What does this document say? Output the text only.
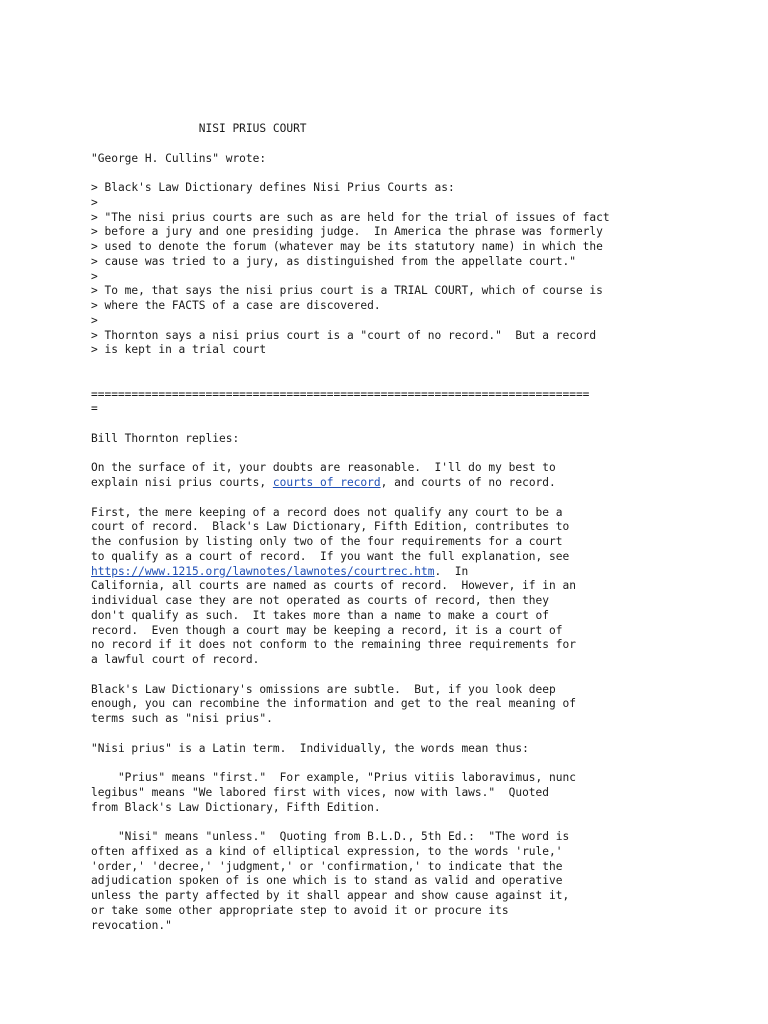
NISI PRIUS COURT
"George H. Cullins" wrote:
> Black's Law Dictionary defines Nisi Prius Courts as:
>
> "The nisi prius courts are such as are held for the trial of issues of fact
> before a jury and one presiding judge.  In America the phrase was formerly
> used to denote the forum (whatever may be its statutory name) in which the
> cause was tried to a jury, as distinguished from the appellate court."
>
> To me, that says the nisi prius court is a TRIAL COURT, which of course is
> where the FACTS of a case are discovered.
>
> Thornton says a nisi prius court is a "court of no record."  But a record
> is kept in a trial court
==========================================================================
=
Bill Thornton replies:
On the surface of it, your doubts are reasonable.  I'll do my best to
explain nisi prius courts, courts of record, and courts of no record.
First, the mere keeping of a record does not qualify any court to be a
court of record.  Black's Law Dictionary, Fifth Edition, contributes to
the confusion by listing only two of the four requirements for a court
to qualify as a court of record.  If you want the full explanation, see
https://www.1215.org/lawnotes/lawnotes/courtrec.htm.  In
California, all courts are named as courts of record.  However, if in an
individual case they are not operated as courts of record, then they
don't qualify as such.  It takes more than a name to make a court of
record.  Even though a court may be keeping a record, it is a court of
no record if it does not conform to the remaining three requirements for
a lawful court of record.
Black's Law Dictionary's omissions are subtle.  But, if you look deep
enough, you can recombine the information and get to the real meaning of
terms such as "nisi prius".
"Nisi prius" is a Latin term.  Individually, the words mean thus:
"Prius" means "first."  For example, "Prius vitiis laboravimus, nunc
legibus" means "We labored first with vices, now with laws."  Quoted
from Black's Law Dictionary, Fifth Edition.
"Nisi" means "unless."  Quoting from B.L.D., 5th Ed.:  "The word is
often affixed as a kind of elliptical expression, to the words 'rule,'
'order,' 'decree,' 'judgment,' or 'confirmation,' to indicate that the
adjudication spoken of is one which is to stand as valid and operative
unless the party affected by it shall appear and show cause against it,
or take some other appropriate step to avoid it or procure its
revocation."
